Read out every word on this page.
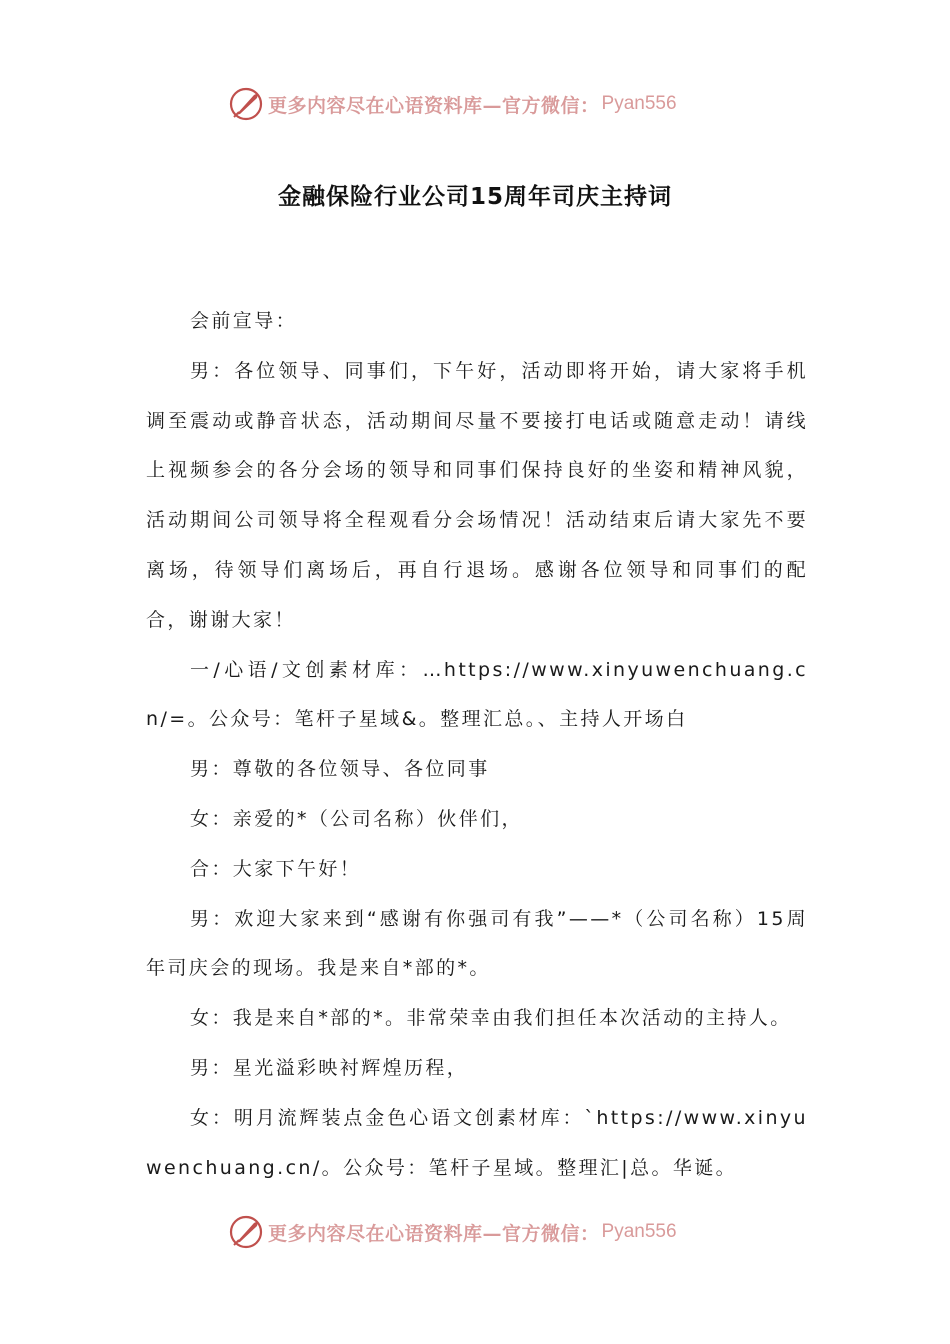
更多内容尽在心语资料库—官方微信： Pyan556
金融保险行业公司15周年司庆主持词

会前宣导：

男：各位领导、同事们，下午好，活动即将开始，请大家将手机调至震动或静音状态，活动期间尽量不要接打电话或随意走动！请线上视频参会的各分会场的领导和同事们保持良好的坐姿和精神风貌，活动期间公司领导将全程观看分会场情况！活动结束后请大家先不要离场，待领导们离场后，再自行退场。感谢各位领导和同事们的配合，谢谢大家！

一/心语/文创素材库：…https://www.xinyuwenchuang.cn/=。公众号：笔杆子星域&。整理汇总。、主持人开场白

男：尊敬的各位领导、各位同事

女：亲爱的*（公司名称）伙伴们，

合：大家下午好！

男：欢迎大家来到“感谢有你强司有我”——*（公司名称）15周年司庆会的现场。我是来自*部的*。

女：我是来自*部的*。非常荣幸由我们担任本次活动的主持人。

男：星光溢彩映衬辉煌历程，

女：明月流辉装点金色心语文创素材库：`https://www.xinyuwenchuang.cn/。公众号：笔杆子星域。整理汇|总。华诞。

更多内容尽在心语资料库—官方微信： Pyan556
